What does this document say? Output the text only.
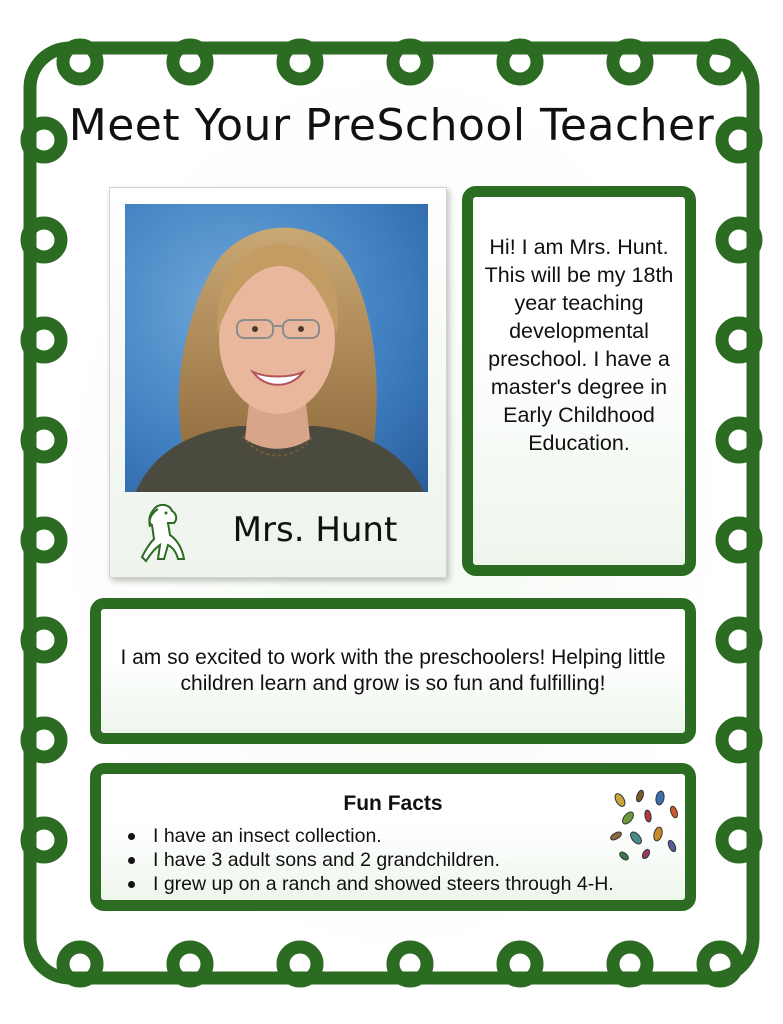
Meet Your PreSchool Teacher
Mrs. Hunt
Hi! I am Mrs. Hunt. This will be my 18th year teaching developmental preschool. I have a master's degree in Early Childhood Education.
I am so excited to work with the preschoolers! Helping little children learn and grow is so fun and fulfilling!
Fun Facts
I have an insect collection.
I have 3 adult sons and 2 grandchildren.
I grew up on a ranch and showed steers through 4-H.
